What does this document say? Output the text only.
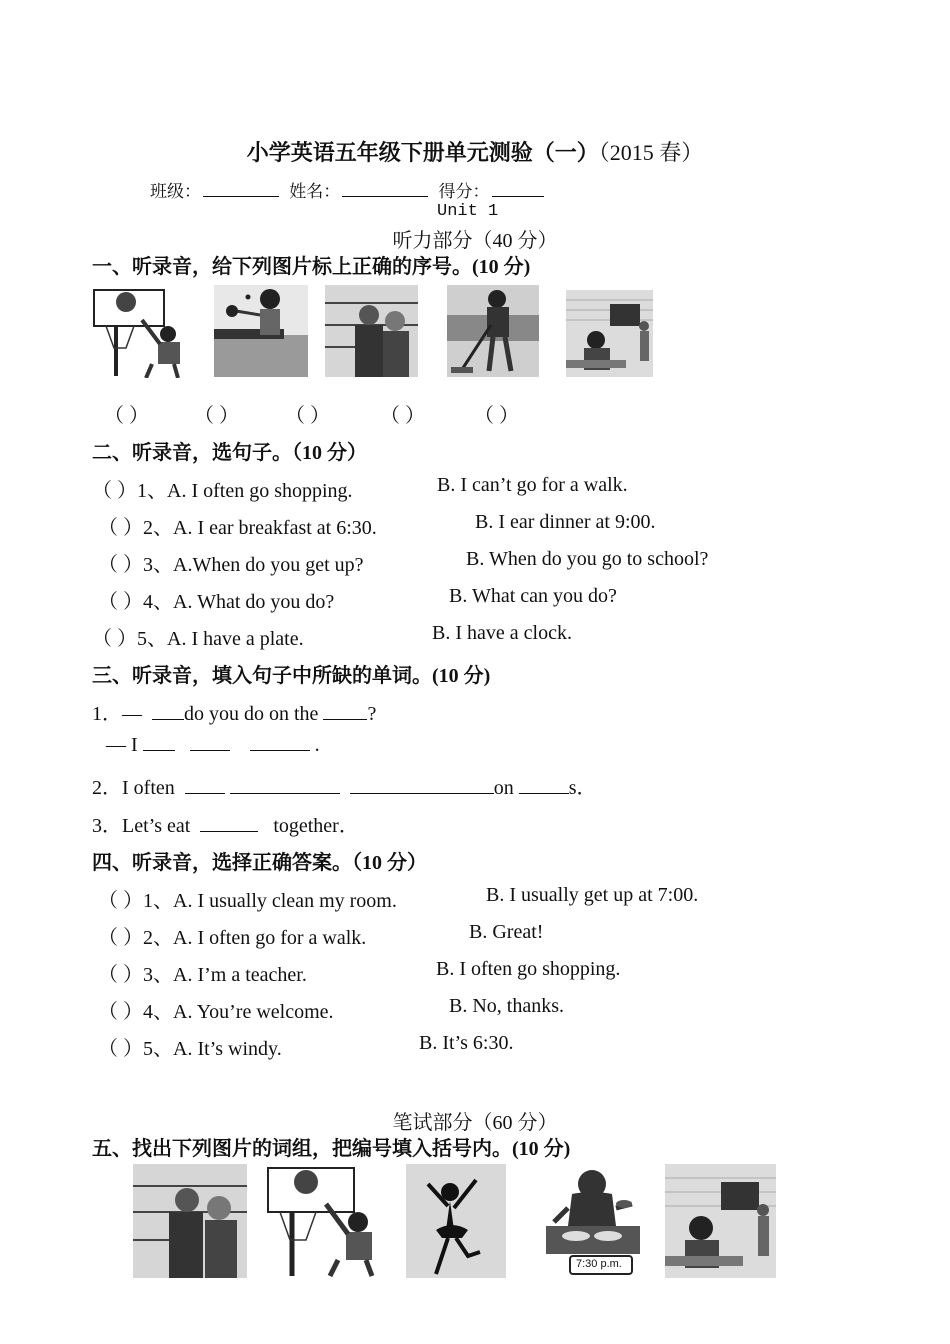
小学英语五年级下册单元测验（一）（2015 春）
班级：	姓名：	得分：
Unit 1
听力部分（40 分）
一、听录音，给下列图片标上正确的序号。(10 分)
（ ） （ ） （ ）	（ ） （ ）
二、听录音，选句子。（10 分）
（ ）1、A. I often go shopping.	B. I can’t go for a walk.
（ ）2、A. I ear breakfast at 6:30.	B. I ear dinner at 9:00.
（ ）3、A.When do you get up?	B. When do you go to school?
（ ）4、A. What do you do?	B. What can you do?
（ ）5、A. I have a plate.	B. I have a clock.
三、听录音，填入句子中所缺的单词。(10 分)
1．— do you do on the ?
— I	.
2．I often	on	s．
3．Let’s eat	together．
四、听录音，选择正确答案。（10 分）
（ ）1、A. I usually clean my room.	B. I usually get up at 7:00.
（ ）2、A. I often go for a walk.	B. Great!
（ ）3、A. I’m a teacher.	B. I often go shopping.
（ ）4、A. You’re welcome.	B. No, thanks.
（ ）5、A. It’s windy.	B. It’s 6:30.
笔试部分（60 分）
五、找出下列图片的词组，把编号填入括号内。(10 分)
7:30 p.m.
